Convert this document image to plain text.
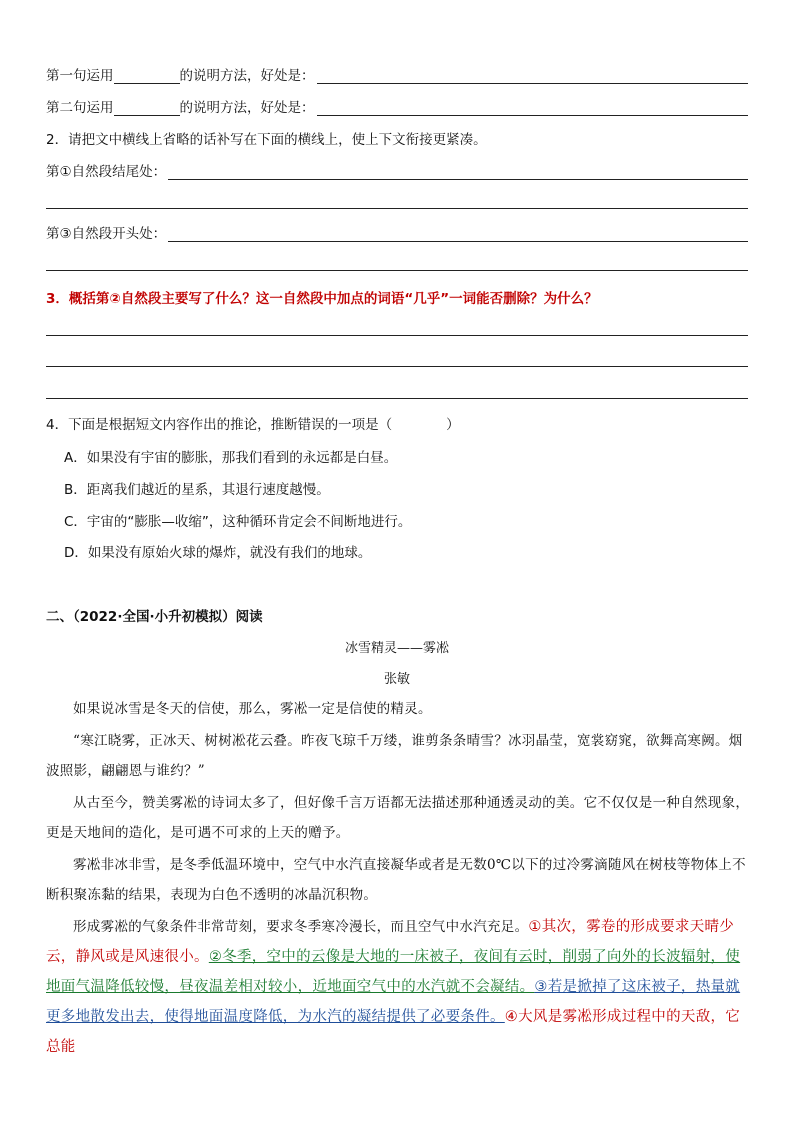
第一句运用	的说明方法，好处是：
第二句运用	的说明方法，好处是：
2．请把文中横线上省略的话补写在下面的横线上，使上下文衔接更紧凑。
第①自然段结尾处：
第③自然段开头处：
3．概括第②自然段主要写了什么？这一自然段中加点的词语“几乎”一词能否删除？为什么？
4．下面是根据短文内容作出的推论，推断错误的一项是（　　　　）
A．如果没有宇宙的膨胀，那我们看到的永远都是白昼。
B．距离我们越近的星系，其退行速度越慢。
C．宇宙的“膨胀—收缩”，这种循环肯定会不间断地进行。
D．如果没有原始火球的爆炸，就没有我们的地球。
二、（2022·全国·小升初模拟）阅读
冰雪精灵——雾凇
张敏
如果说冰雪是冬天的信使，那么，雾凇一定是信使的精灵。
“寒江晓雾，正冰天、树树凇花云叠。昨夜飞琼千万缕，谁剪条条晴雪？冰羽晶莹，宽裳窈窕，欲舞高寒阙。烟波照影，翩翩恩与谁约？”
从古至今，赞美雾凇的诗词太多了，但好像千言万语都无法描述那种通透灵动的美。它不仅仅是一种自然现象，更是天地间的造化，是可遇不可求的上天的赠予。
雾凇非冰非雪，是冬季低温环境中，空气中水汽直接凝华或者是无数0℃以下的过冷雾滴随风在树枝等物体上不断积聚冻黏的结果，表现为白色不透明的冰晶沉积物。
形成雾凇的气象条件非常苛刻，要求冬季寒冷漫长，而且空气中水汽充足。①其次，雾卷的形成要求天晴少云，静风或是风速很小。②冬季，空中的云像是大地的一床被子，夜间有云时，削弱了向外的长波辐射，使地面气温降低较慢，昼夜温差相对较小，近地面空气中的水汽就不会凝结。③若是掀掉了这床被子，热量就更多地散发出去，使得地面温度降低，为水汽的凝结提供了必要条件。④大风是雾凇形成过程中的天敌，它总能
